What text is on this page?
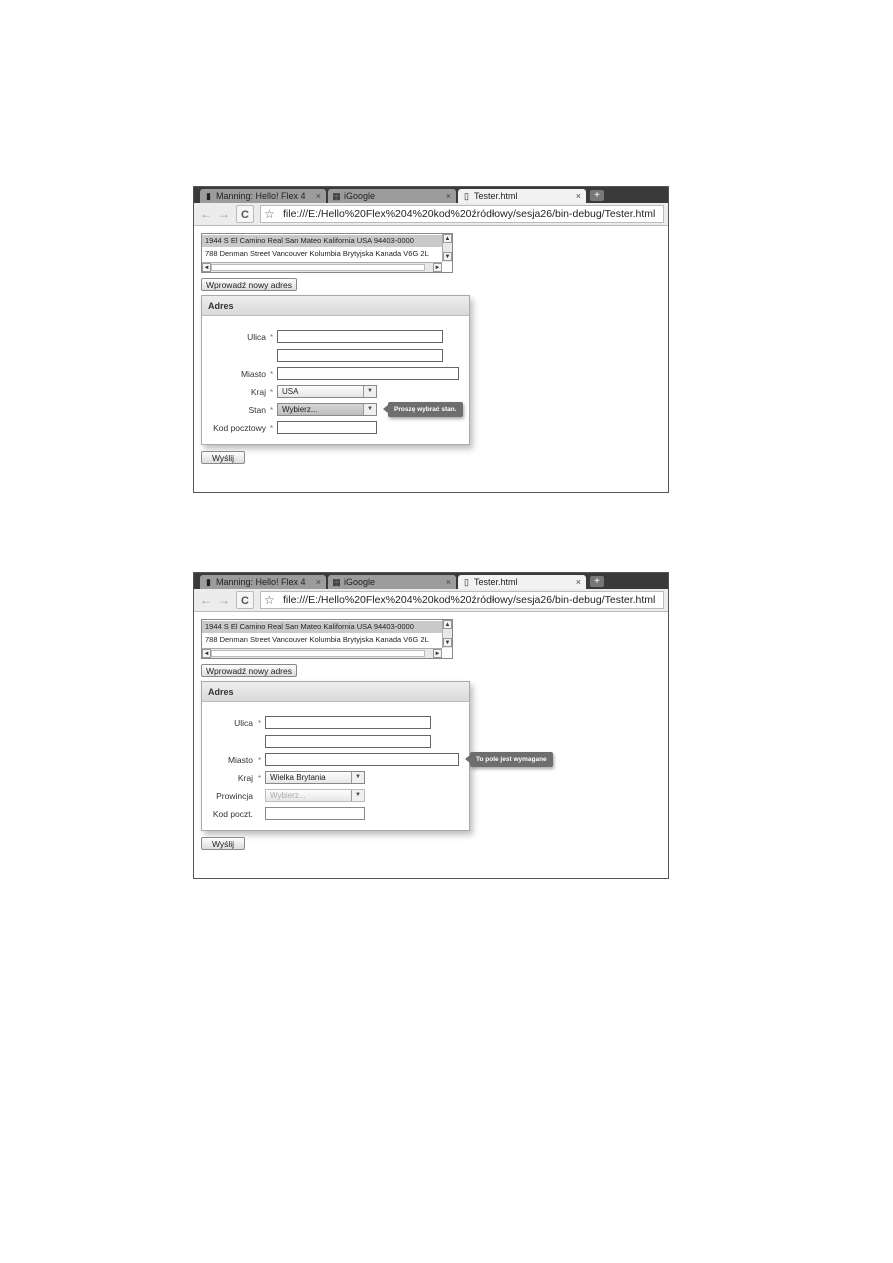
▮ Manning: Hello! Flex 4 × ▦ iGoogle	× ▯ Tester.html	×	+
← →	C	☆ file:///E:/Hello%20Flex%204%20kod%20źródłowy/sesja26/bin-debug/Tester.html
1944 S El Camino Real San Mateo Kalifornia USA 94403-0000
788 Denman Street Vancouver Kolumbia Brytyjska Kanada V6G 2L
▲
▼
◄	►
Wprowadź nowy adres
Adres
Ulica *
Miasto *
Kraj *	USA	▼
Stan *	Wybierz...	▼	Proszę wybrać stan.
Kod pocztowy *
Wyślij
▮ Manning: Hello! Flex 4 × ▦ iGoogle	× ▯ Tester.html	×	+
← →	C	☆ file:///E:/Hello%20Flex%204%20kod%20źródłowy/sesja26/bin-debug/Tester.html
1944 S El Camino Real San Mateo Kalifornia USA 94403-0000
788 Denman Street Vancouver Kolumbia Brytyjska Kanada V6G 2L
▲
▼
◄	►
Wprowadź nowy adres
Adres
Ulica *
Miasto *	To pole jest wymagane
Kraj *	Wielka Brytania	▼
Prowincja	Wybierz...	▼
Kod poczt.
Wyślij
